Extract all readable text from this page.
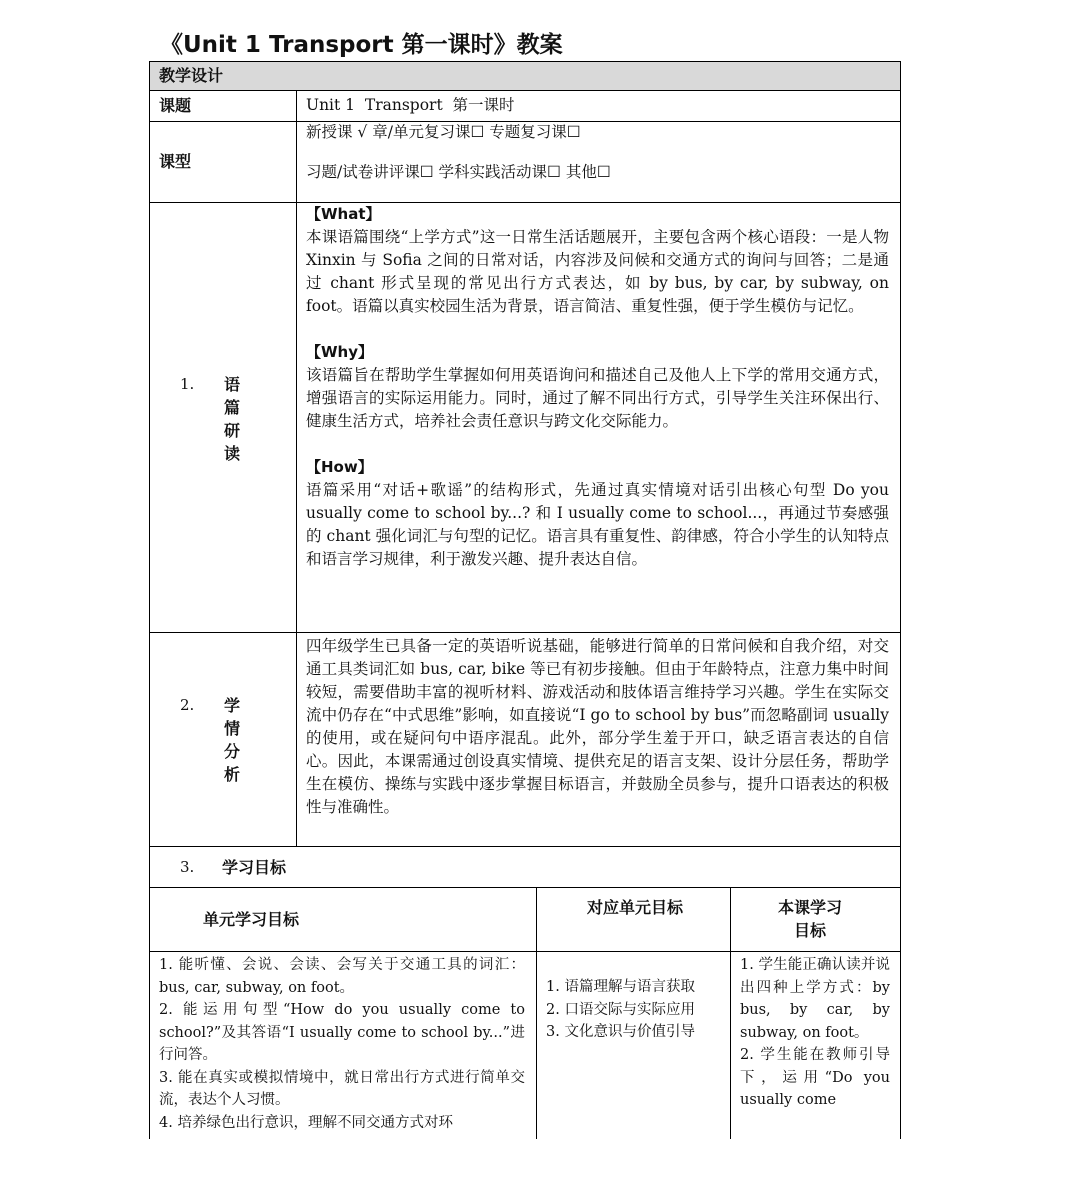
《Unit 1 Transport 第一课时》教案
教学设计
课题	Unit 1  Transport  第一课时
课型
新授课 √ 章/单元复习课☐ 专题复习课☐
习题/试卷讲评课☐ 学科实践活动课☐ 其他☐
1. 语篇研读
【What】
本课语篇围绕“上学方式”这一日常生活话题展开，主要包含两个核心语段：一是人物 Xinxin 与 Sofia 之间的日常对话，内容涉及问候和交通方式的询问与回答；二是通过 chant 形式呈现的常见出行方式表达，如 by bus, by car, by subway, on foot。语篇以真实校园生活为背景，语言简洁、重复性强，便于学生模仿与记忆。
【Why】
该语篇旨在帮助学生掌握如何用英语询问和描述自己及他人上下学的常用交通方式，增强语言的实际运用能力。同时，通过了解不同出行方式，引导学生关注环保出行、健康生活方式，培养社会责任意识与跨文化交际能力。
【How】
语篇采用“对话+歌谣”的结构形式，先通过真实情境对话引出核心句型 Do you usually come to school by...? 和 I usually come to school...，再通过节奏感强的 chant 强化词汇与句型的记忆。语言具有重复性、韵律感，符合小学生的认知特点和语言学习规律，利于激发兴趣、提升表达自信。
2. 学情分析
四年级学生已具备一定的英语听说基础，能够进行简单的日常问候和自我介绍，对交通工具类词汇如 bus, car, bike 等已有初步接触。但由于年龄特点，注意力集中时间较短，需要借助丰富的视听材料、游戏活动和肢体语言维持学习兴趣。学生在实际交流中仍存在“中式思维”影响，如直接说“I go to school by bus”而忽略副词 usually 的使用，或在疑问句中语序混乱。此外，部分学生羞于开口，缺乏语言表达的自信心。因此，本课需通过创设真实情境、提供充足的语言支架、设计分层任务，帮助学生在模仿、操练与实践中逐步掌握目标语言，并鼓励全员参与，提升口语表达的积极性与准确性。
3. 学习目标
单元学习目标
对应单元目标	本课学习目标
1. 能听懂、会说、会读、会写关于交通工具的词汇：bus, car, subway, on foot。
2. 能运用句型“How do you usually come to school?”及其答语“I usually come to school by...”进行问答。
3. 能在真实或模拟情境中，就日常出行方式进行简单交流，表达个人习惯。
4. 培养绿色出行意识，理解不同交通方式对环
1. 语篇理解与语言获取
2. 口语交际与实际应用
3. 文化意识与价值引导
1. 学生能正确认读并说出四种上学方式：by bus, by car, by subway, on foot。
2. 学生能在教师引导下，运用“Do you usually come
